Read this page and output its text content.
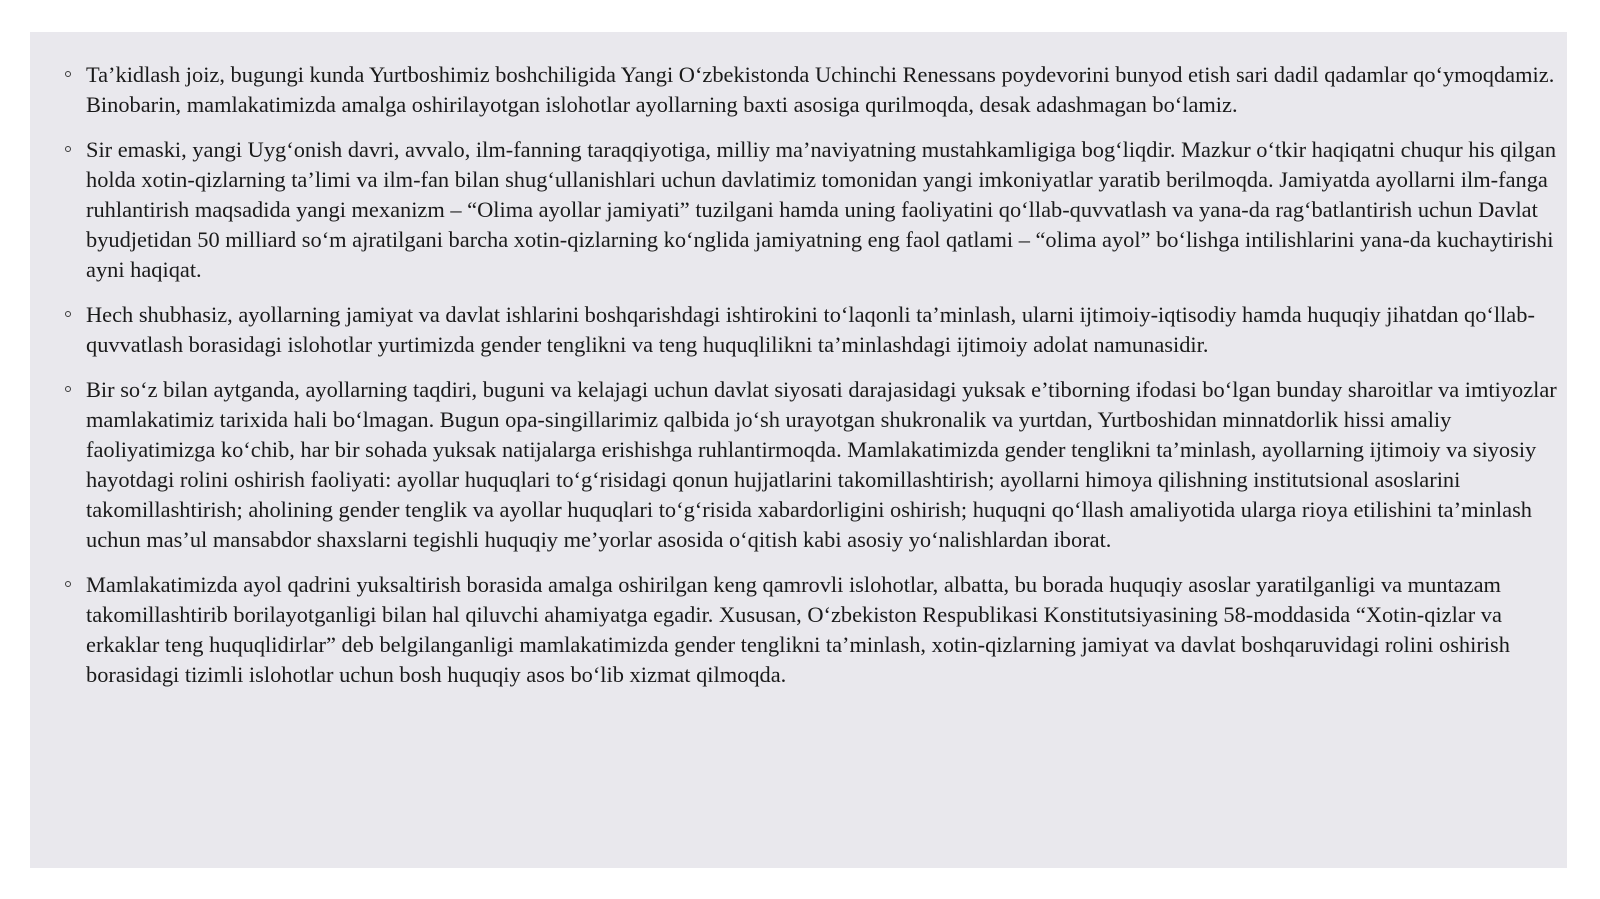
Ta’kidlash joiz, bugungi kunda Yurtboshimiz boshchiligida Yangi O‘zbekistonda Uchinchi Renessans poydevorini bunyod etish sari dadil qadamlar qo‘ymoqdamiz. Binobarin, mamlakatimizda amalga oshirilayotgan islohotlar ayollarning baxti asosiga qurilmoqda, desak adashmagan bo‘lamiz.
Sir emaski, yangi Uyg‘onish davri, avvalo, ilm-fanning taraqqiyotiga, milliy ma’naviyatning mustahkamligiga bog‘liqdir. Mazkur o‘tkir haqiqatni chuqur his qilgan holda xotin-qizlarning ta’limi va ilm-fan bilan shug‘ullanishlari uchun davlatimiz tomonidan yangi imkoniyatlar yaratib berilmoqda. Jamiyatda ayollarni ilm-fanga ruhlantirish maqsadida yangi mexanizm – “Olima ayollar jamiyati” tuzilgani hamda uning faoliyatini qo‘llab-quvvatlash va yana-da rag‘batlantirish uchun Davlat byudjetidan 50 milliard so‘m ajratilgani barcha xotin-qizlarning ko‘nglida jamiyatning eng faol qatlami – “olima ayol” bo‘lishga intilishlarini yana-da kuchaytirishi ayni haqiqat.
Hech shubhasiz, ayollarning jamiyat va davlat ishlarini boshqarishdagi ishtirokini to‘laqonli ta’minlash, ularni ijtimoiy-iqtisodiy hamda huquqiy jihatdan qo‘llab-quvvatlash borasidagi islohotlar yurtimizda gender tenglikni va teng huquqlilikni ta’minlashdagi ijtimoiy adolat namunasidir.
Bir so‘z bilan aytganda, ayollarning taqdiri, buguni va kelajagi uchun davlat siyosati darajasidagi yuksak e’tiborning ifodasi bo‘lgan bunday sharoitlar va imtiyozlar mamlakatimiz tarixida hali bo‘lmagan. Bugun opa-singillarimiz qalbida jo‘sh urayotgan shukronalik va yurtdan, Yurtboshidan minnatdorlik hissi amaliy faoliyatimizga ko‘chib, har bir sohada yuksak natijalarga erishishga ruhlantirmoqda. Mamlakatimizda gender tenglikni ta’minlash, ayollarning ijtimoiy va siyosiy hayotdagi rolini oshirish faoliyati: ayollar huquqlari to‘g‘risidagi qonun hujjatlarini takomillashtirish; ayollarni himoya qilishning institutsional asoslarini takomillashtirish; aholining gender tenglik va ayollar huquqlari to‘g‘risida xabardorligini oshirish; huquqni qo‘llash amaliyotida ularga rioya etilishini ta’minlash uchun mas’ul mansabdor shaxslarni tegishli huquqiy me’yorlar asosida o‘qitish kabi asosiy yo‘nalishlardan iborat.
Mamlakatimizda ayol qadrini yuksaltirish borasida amalga oshirilgan keng qamrovli islohotlar, albatta, bu borada huquqiy asoslar yaratilganligi va muntazam takomillashtirib borilayotganligi bilan hal qiluvchi ahamiyatga egadir. Xususan, O‘zbekiston Respublikasi Konstitutsiyasining 58-moddasida “Xotin-qizlar va erkaklar teng huquqlidirlar” deb belgilanganligi mamlakatimizda gender tenglikni ta’minlash, xotin-qizlarning jamiyat va davlat boshqaruvidagi rolini oshirish borasidagi tizimli islohotlar uchun bosh huquqiy asos bo‘lib xizmat qilmoqda.
